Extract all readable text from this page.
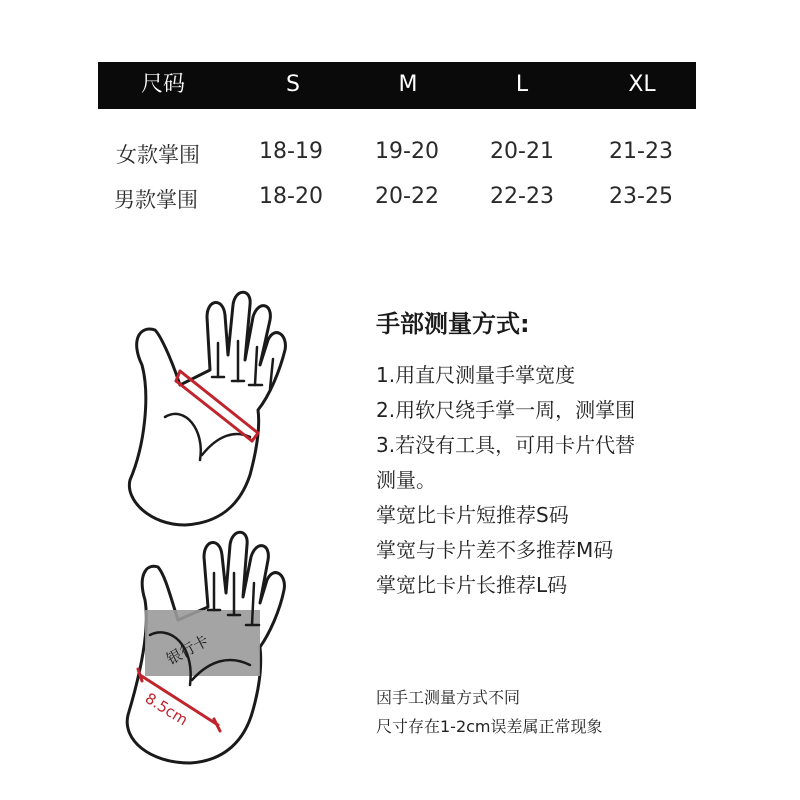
尺码	S	M	L	XL
女款掌围	18-19	19-20	20-21	21-23
男款掌围	18-20	20-22	22-23	23-25
银行卡
8.5cm
手部测量方式:
1.用直尺测量手掌宽度
2.用软尺绕手掌一周，测掌围
3.若没有工具，可用卡片代替
测量。
掌宽比卡片短推荐S码
掌宽与卡片差不多推荐M码
掌宽比卡片长推荐L码
因手工测量方式不同
尺寸存在1-2cm误差属正常现象
